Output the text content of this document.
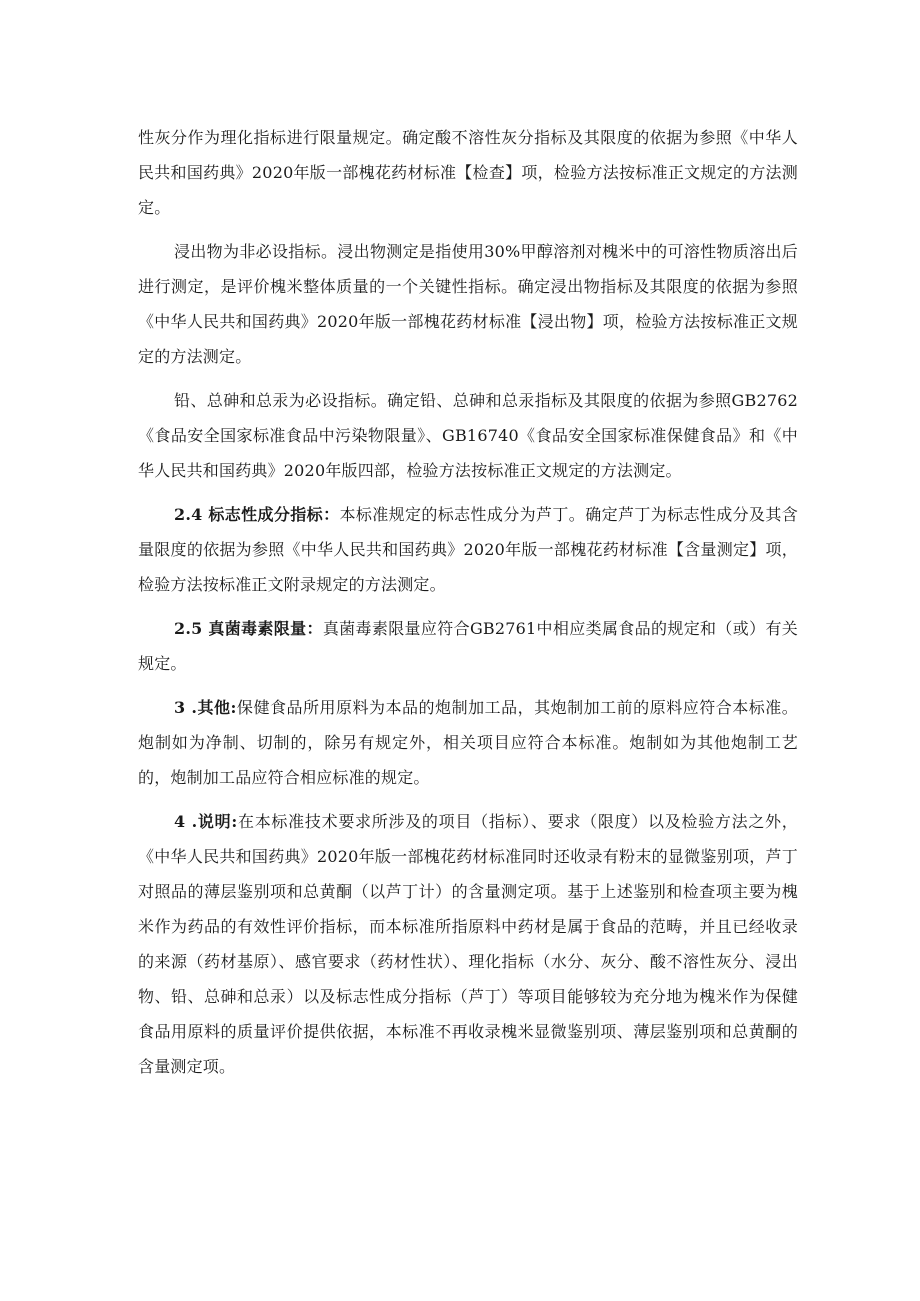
性灰分作为理化指标进行限量规定。确定酸不溶性灰分指标及其限度的依据为参照《中华人民共和国药典》2020年版一部槐花药材标准【检查】项，检验方法按标准正文规定的方法测定。

浸出物为非必设指标。浸出物测定是指使用30%甲醇溶剂对槐米中的可溶性物质溶出后进行测定，是评价槐米整体质量的一个关键性指标。确定浸出物指标及其限度的依据为参照《中华人民共和国药典》2020年版一部槐花药材标准【浸出物】项，检验方法按标准正文规定的方法测定。

铅、总砷和总汞为必设指标。确定铅、总砷和总汞指标及其限度的依据为参照GB2762《食品安全国家标准食品中污染物限量》、GB16740《食品安全国家标准保健食品》和《中华人民共和国药典》2020年版四部，检验方法按标准正文规定的方法测定。

2.4 标志性成分指标：本标准规定的标志性成分为芦丁。确定芦丁为标志性成分及其含量限度的依据为参照《中华人民共和国药典》2020年版一部槐花药材标准【含量测定】项，检验方法按标准正文附录规定的方法测定。

2.5 真菌毒素限量：真菌毒素限量应符合GB2761中相应类属食品的规定和（或）有关规定。

3 .其他:保健食品所用原料为本品的炮制加工品，其炮制加工前的原料应符合本标准。炮制如为净制、切制的，除另有规定外，相关项目应符合本标准。炮制如为其他炮制工艺的，炮制加工品应符合相应标准的规定。

4 .说明:在本标准技术要求所涉及的项目（指标）、要求（限度）以及检验方法之外，《中华人民共和国药典》2020年版一部槐花药材标准同时还收录有粉末的显微鉴别项，芦丁对照品的薄层鉴别项和总黄酮（以芦丁计）的含量测定项。基于上述鉴别和检查项主要为槐米作为药品的有效性评价指标，而本标准所指原料中药材是属于食品的范畴，并且已经收录的来源（药材基原）、感官要求（药材性状）、理化指标（水分、灰分、酸不溶性灰分、浸出物、铅、总砷和总汞）以及标志性成分指标（芦丁）等项目能够较为充分地为槐米作为保健食品用原料的质量评价提供依据，本标准不再收录槐米显微鉴别项、薄层鉴别项和总黄酮的含量测定项。
